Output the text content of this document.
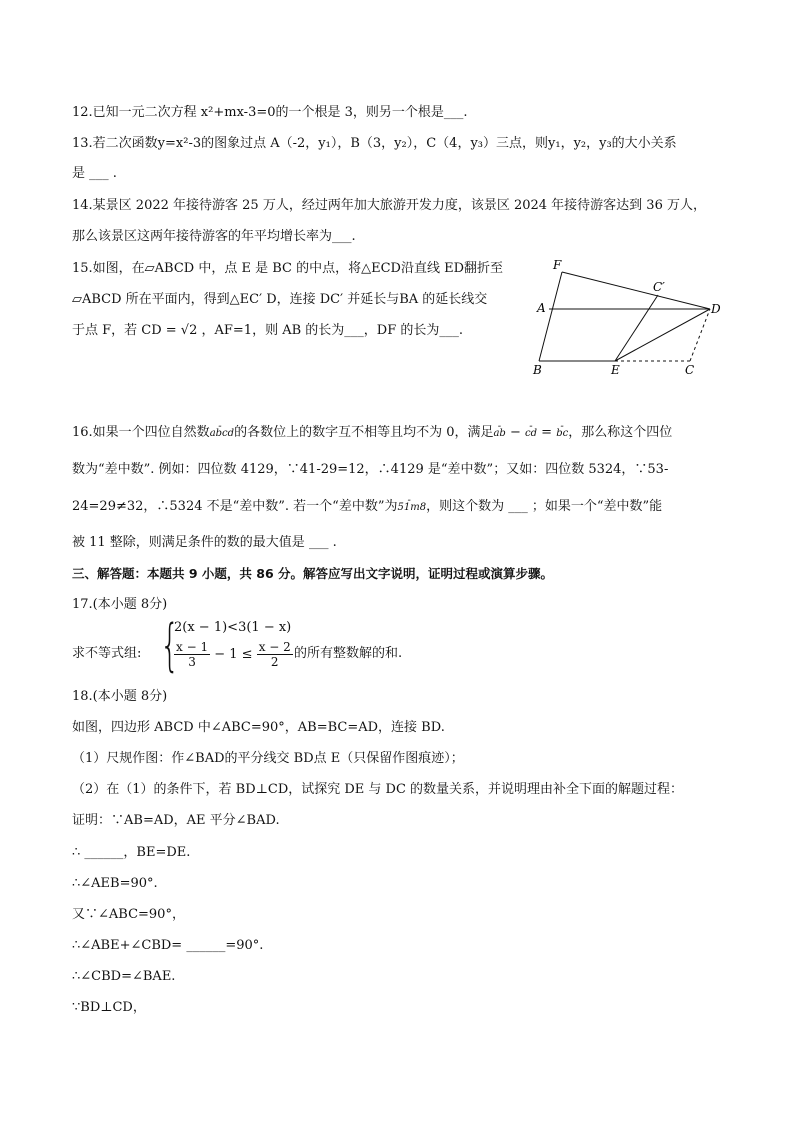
12.已知一元二次方程 x²+mx-3=0的一个根是 3，则另一个根是___.
13.若二次函数y=x²-3的图象过点 A（-2，y₁），B（3，y₂），C（4，y₃）三点，则y₁，y₂，y₃的大小关系
是 ___ .
14.某景区 2022 年接待游客 25 万人，经过两年加大旅游开发力度，该景区 2024 年接待游客达到 36 万人，
那么该景区这两年接待游客的年平均增长率为___.
15.如图，在▱ABCD 中，点 E 是 BC 的中点，将△ECD沿直线 ED翻折至
▱ABCD 所在平面内，得到△EC′ D，连接 DC′ 并延长与BA 的延长线交
于点 F，若 CD = √2 ，AF=1，则 AB 的长为___，DF 的长为___.
F
C′
A	D
B	E	C
16.如果一个四位自然数- abcd的各数位上的数字互不相等且均不为 0，满足- ab − - cd = - bc，那么称这个四位
数为“差中数”. 例如：四位数 4129，∵41-29=12，∴4129 是“差中数”；又如：四位数 5324，∵53-
24=29≠32，∴5324 不是“差中数”. 若一个“差中数”为- 51m8，则这个数为 ___ ；如果一个“差中数”能
被 11 整除，则满足条件的数的最大值是 ___ .
三、解答题：本题共 9 小题，共 86 分。解答应写出文字说明，证明过程或演算步骤。
17.(本小题 8分)
求不等式组: {
2(x − 1)<3(1 − x)
$\frac{x - 1}{3} - 1 \le \frac{x - 2}{2}$ 的所有整数解的和.
18.(本小题 8分)
如图，四边形 ABCD 中∠ABC=90°，AB=BC=AD，连接 BD.
（1）尺规作图：作∠BAD的平分线交 BD点 E（只保留作图痕迹）；
（2）在（1）的条件下，若 BD⊥CD，试探究 DE 与 DC 的数量关系，并说明理由补全下面的解题过程：
证明：∵AB=AD，AE 平分∠BAD.
∴ ______，BE=DE.
∴∠AEB=90°.
又∵∠ABC=90°，
∴∠ABE+∠CBD= ______=90°.
∴∠CBD=∠BAE.
∵BD⊥CD，
